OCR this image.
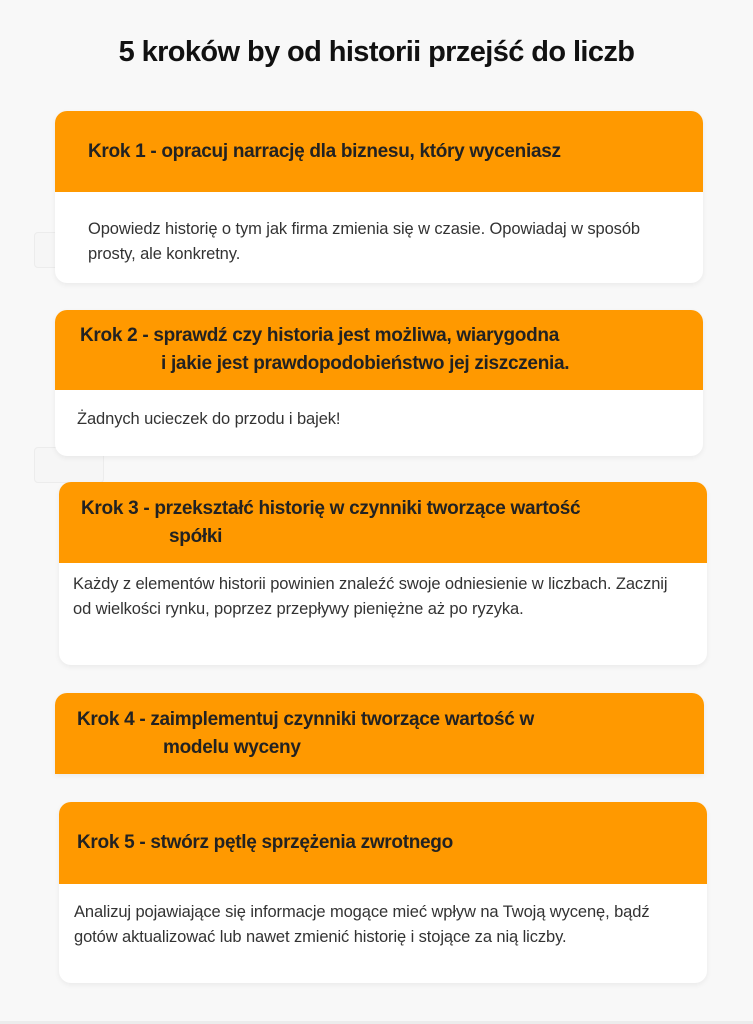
5 kroków by od historii przejść do liczb
Krok 1 - opracuj narrację dla biznesu, który wyceniasz

Opowiedz historię o tym jak firma zmienia się w czasie. Opowiadaj w sposób prosty, ale konkretny.

Krok 2 - sprawdź czy historia jest możliwa, wiarygodna
i jakie jest prawdopodobieństwo jej ziszczenia.

Żadnych ucieczek do przodu i bajek!

Krok 3 - przekształć historię w czynniki tworzące wartość
spółki

Każdy z elementów historii powinien znaleźć swoje odniesienie w liczbach. Zacznij od wielkości rynku, poprzez przepływy pieniężne aż po ryzyka.

Krok 4 - zaimplementuj czynniki tworzące wartość w
modelu wyceny
Krok 5 - stwórz pętlę sprzężenia zwrotnego

Analizuj pojawiające się informacje mogące mieć wpływ na Twoją wycenę, bądź gotów aktualizować lub nawet zmienić historię i stojące za nią liczby.
